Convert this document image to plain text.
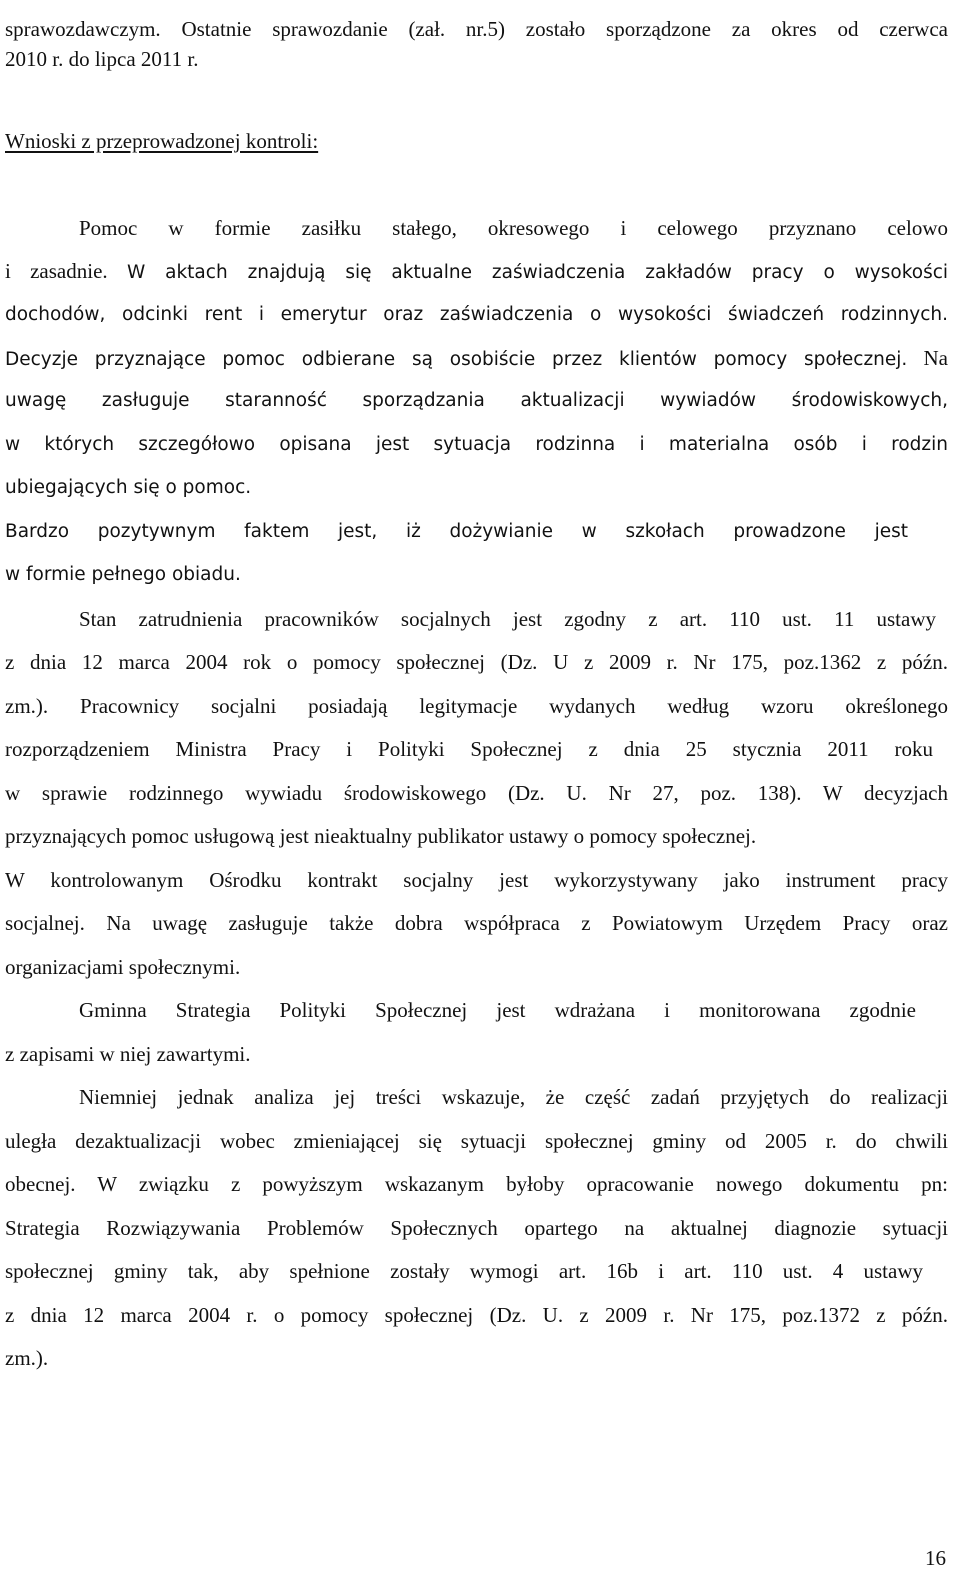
sprawozdawczym. Ostatnie sprawozdanie (zał. nr.5) zostało sporządzone za okres od czerwca
2010 r. do lipca 2011 r.
Wnioski z przeprowadzonej kontroli:
Pomoc w formie zasiłku stałego, okresowego i celowego przyznano celowo
i zasadnie. W aktach znajdują się aktualne zaświadczenia zakładów pracy o wysokości
dochodów, odcinki rent i emerytur oraz zaświadczenia o wysokości świadczeń rodzinnych.
Decyzje przyznające pomoc odbierane są osobiście przez klientów pomocy społecznej. Na
uwagę zasługuje staranność sporządzania aktualizacji wywiadów środowiskowych,
w których szczegółowo opisana jest sytuacja rodzinna i materialna osób i rodzin
ubiegających się o pomoc.
Bardzo pozytywnym faktem jest, iż dożywianie w szkołach prowadzone jest
w formie pełnego obiadu.
Stan zatrudnienia pracowników socjalnych jest zgodny z art. 110 ust. 11 ustawy
z dnia 12 marca 2004 rok o pomocy społecznej (Dz. U z 2009 r. Nr 175, poz.1362 z późn.
zm.). Pracownicy socjalni posiadają legitymacje wydanych według wzoru określonego
rozporządzeniem Ministra Pracy i Polityki Społecznej z dnia 25 stycznia 2011 roku
w sprawie rodzinnego wywiadu środowiskowego (Dz. U. Nr 27, poz. 138). W decyzjach
przyznających pomoc usługową jest nieaktualny publikator ustawy o pomocy społecznej.
W kontrolowanym Ośrodku kontrakt socjalny jest wykorzystywany jako instrument pracy
socjalnej. Na uwagę zasługuje także dobra współpraca z Powiatowym Urzędem Pracy oraz
organizacjami społecznymi.
Gminna Strategia Polityki Społecznej jest wdrażana i monitorowana zgodnie
z zapisami w niej zawartymi.
Niemniej jednak analiza jej treści wskazuje, że część zadań przyjętych do realizacji
uległa dezaktualizacji wobec zmieniającej się sytuacji społecznej gminy od 2005 r. do chwili
obecnej. W związku z powyższym wskazanym byłoby opracowanie nowego dokumentu pn:
Strategia Rozwiązywania Problemów Społecznych opartego na aktualnej diagnozie sytuacji
społecznej gminy tak, aby spełnione zostały wymogi art. 16b i art. 110 ust. 4 ustawy
z dnia 12 marca 2004 r. o pomocy społecznej (Dz. U. z 2009 r. Nr 175, poz.1372 z późn.
zm.).
16
